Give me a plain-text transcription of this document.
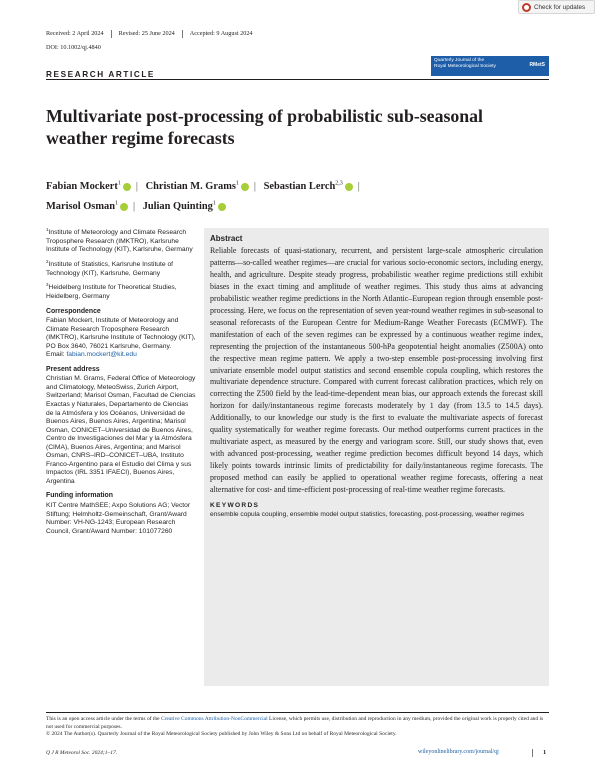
Check for updates
Received: 2 April 2024 Revised: 25 June 2024 Accepted: 9 August 2024
DOI: 10.1002/qj.4840
RESEARCH ARTICLE
Quarterly Journal of the
Royal Meteorological Society	RMetS
Multivariate post-processing of probabilistic sub-seasonal weather regime forecasts
Fabian Mockert$^1$ | Christian M. Grams$^1$ | Sebastian Lerch$^{2,3}$ |
Marisol Osman$^1$ | Julian Quinting$^1$

$^1$Institute of Meteorology and Climate Research Troposphere Research (IMKTRO), Karlsruhe Institute of Technology (KIT), Karlsruhe, Germany

$^2$Institute of Statistics, Karlsruhe Institute of Technology (KIT), Karlsruhe, Germany

$^3$Heidelberg Institute for Theoretical Studies, Heidelberg, Germany

Correspondence

Fabian Mockert, Institute of Meteorology and Climate Research Troposphere Research (IMKTRO), Karlsruhe Institute of Technology (KIT), PO Box 3640, 76021 Karlsruhe, Germany.
Email: fabian.mockert@kit.edu

Present address

Christian M. Grams, Federal Office of Meteorology and Climatology, MeteoSwiss, Zurich Airport, Switzerland; Marisol Osman, Facultad de Ciencias Exactas y Naturales, Departamento de Ciencias de la Atmósfera y los Océanos, Universidad de Buenos Aires, Buenos Aires, Argentina; Marisol Osman, CONICET–Universidad de Buenos Aires, Centro de Investigaciones del Mar y la Atmósfera (CIMA), Buenos Aires, Argentina; and Marisol Osman, CNRS–IRD–CONICET–UBA, Instituto Franco-Argentino para el Estudio del Clima y sus Impactos (IRL 3351 IFAECI), Buenos Aires, Argentina

Funding information

KIT Centre MathSEE; Axpo Solutions AG; Vector Stiftung; Helmholtz-Gemeinschaft, Grant/Award Number: VH-NG-1243; European Research Council, Grant/Award Number: 101077260

Abstract

Reliable forecasts of quasi-stationary, recurrent, and persistent large-scale atmospheric circulation patterns—so-called weather regimes—are crucial for various socio-economic sectors, including energy, health, and agriculture. Despite steady progress, probabilistic weather regime predictions still exhibit biases in the exact timing and amplitude of weather regimes. This study thus aims at advancing probabilistic weather regime predictions in the North Atlantic–European region through ensemble post-processing. Here, we focus on the representation of seven year-round weather regimes in sub-seasonal to seasonal reforecasts of the European Centre for Medium-Range Weather Forecasts (ECMWF). The manifestation of each of the seven regimes can be expressed by a continuous weather regime index, representing the projection of the instantaneous 500-hPa geopotential height anomalies (Z500A) onto the respective mean regime pattern. We apply a two-step ensemble post-processing involving first univariate ensemble model output statistics and second ensemble copula coupling, which restores the multivariate dependence structure. Compared with current forecast calibration practices, which rely on correcting the Z500 field by the lead-time-dependent mean bias, our approach extends the forecast skill horizon for daily/instantaneous regime forecasts moderately by 1 day (from 13.5 to 14.5 days). Additionally, to our knowledge our study is the first to evaluate the multivariate aspects of forecast quality systematically for weather regime forecasts. Our method outperforms current practices in the multivariate aspect, as measured by the energy and variogram score. Still, our study shows that, even with advanced post-processing, weather regime prediction becomes difficult beyond 14 days, which likely points towards intrinsic limits of predictability for daily/instantaneous regime forecasts. The proposed method can easily be applied to operational weather regime forecasts, offering a neat alternative for cost- and time-efficient post-processing of real-time weather regime forecasts.

KEYWORDS

ensemble copula coupling, ensemble model output statistics, forecasting, post-processing, weather regimes

This is an open access article under the terms of the Creative Commons Attribution-NonCommercial License, which permits use, distribution and reproduction in any medium, provided the original work is properly cited and is not used for commercial purposes.
© 2024 The Author(s). Quarterly Journal of the Royal Meteorological Society published by John Wiley & Sons Ltd on behalf of Royal Meteorological Society.
Q J R Meteorol Soc. 2024;1–17.	wileyonlinelibrary.com/journal/qj	1
